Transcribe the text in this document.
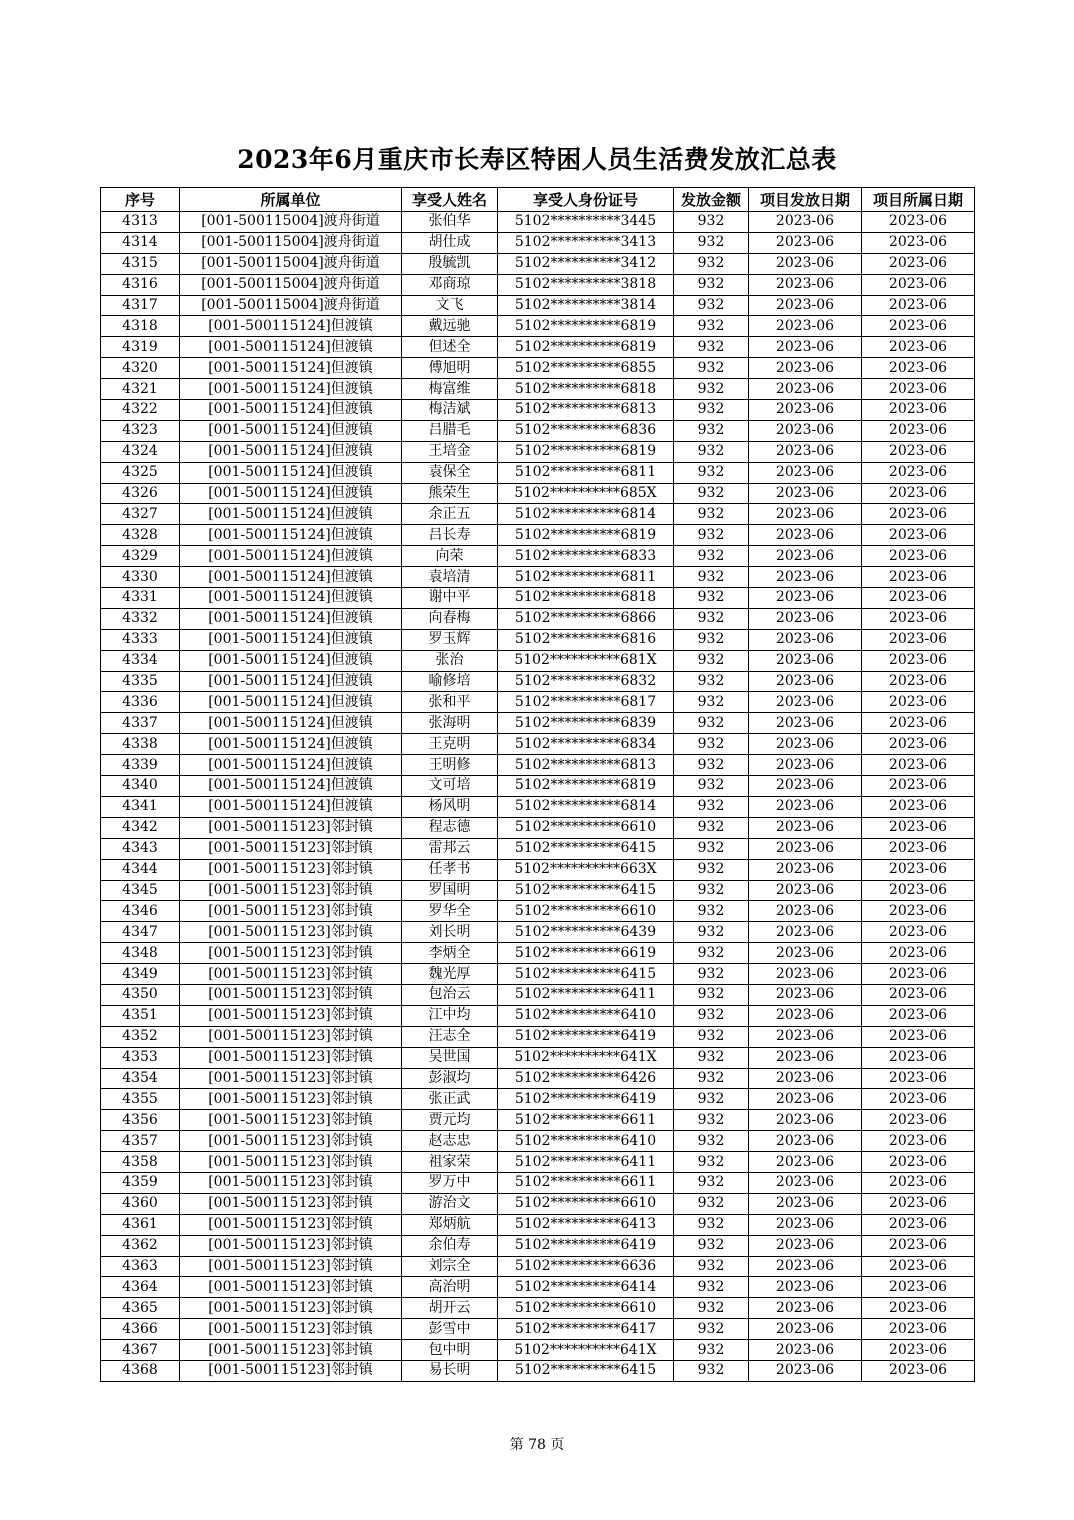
2023年6月重庆市长寿区特困人员生活费发放汇总表
序号	所属单位	享受人姓名	享受人身份证号	发放金额	项目发放日期	项目所属日期
4313	[001-500115004]渡舟街道	张伯华	5102**********3445	932	2023-06	2023-06
4314	[001-500115004]渡舟街道	胡仕成	5102**********3413	932	2023-06	2023-06
4315	[001-500115004]渡舟街道	殷毓凯	5102**********3412	932	2023-06	2023-06
4316	[001-500115004]渡舟街道	邓商琼	5102**********3818	932	2023-06	2023-06
4317	[001-500115004]渡舟街道	文飞	5102**********3814	932	2023-06	2023-06
4318	[001-500115124]但渡镇	戴远驰	5102**********6819	932	2023-06	2023-06
4319	[001-500115124]但渡镇	但述全	5102**********6819	932	2023-06	2023-06
4320	[001-500115124]但渡镇	傅旭明	5102**********6855	932	2023-06	2023-06
4321	[001-500115124]但渡镇	梅富维	5102**********6818	932	2023-06	2023-06
4322	[001-500115124]但渡镇	梅洁斌	5102**********6813	932	2023-06	2023-06
4323	[001-500115124]但渡镇	吕腊毛	5102**********6836	932	2023-06	2023-06
4324	[001-500115124]但渡镇	王培金	5102**********6819	932	2023-06	2023-06
4325	[001-500115124]但渡镇	袁保全	5102**********6811	932	2023-06	2023-06
4326	[001-500115124]但渡镇	熊荣生	5102**********685X	932	2023-06	2023-06
4327	[001-500115124]但渡镇	余正五	5102**********6814	932	2023-06	2023-06
4328	[001-500115124]但渡镇	吕长寿	5102**********6819	932	2023-06	2023-06
4329	[001-500115124]但渡镇	向荣	5102**********6833	932	2023-06	2023-06
4330	[001-500115124]但渡镇	袁培清	5102**********6811	932	2023-06	2023-06
4331	[001-500115124]但渡镇	谢中平	5102**********6818	932	2023-06	2023-06
4332	[001-500115124]但渡镇	向春梅	5102**********6866	932	2023-06	2023-06
4333	[001-500115124]但渡镇	罗玉辉	5102**********6816	932	2023-06	2023-06
4334	[001-500115124]但渡镇	张治	5102**********681X	932	2023-06	2023-06
4335	[001-500115124]但渡镇	喻修培	5102**********6832	932	2023-06	2023-06
4336	[001-500115124]但渡镇	张和平	5102**********6817	932	2023-06	2023-06
4337	[001-500115124]但渡镇	张海明	5102**********6839	932	2023-06	2023-06
4338	[001-500115124]但渡镇	王克明	5102**********6834	932	2023-06	2023-06
4339	[001-500115124]但渡镇	王明修	5102**********6813	932	2023-06	2023-06
4340	[001-500115124]但渡镇	文可培	5102**********6819	932	2023-06	2023-06
4341	[001-500115124]但渡镇	杨风明	5102**********6814	932	2023-06	2023-06
4342	[001-500115123]邻封镇	程志德	5102**********6610	932	2023-06	2023-06
4343	[001-500115123]邻封镇	雷邦云	5102**********6415	932	2023-06	2023-06
4344	[001-500115123]邻封镇	任孝书	5102**********663X	932	2023-06	2023-06
4345	[001-500115123]邻封镇	罗国明	5102**********6415	932	2023-06	2023-06
4346	[001-500115123]邻封镇	罗华全	5102**********6610	932	2023-06	2023-06
4347	[001-500115123]邻封镇	刘长明	5102**********6439	932	2023-06	2023-06
4348	[001-500115123]邻封镇	李炳全	5102**********6619	932	2023-06	2023-06
4349	[001-500115123]邻封镇	魏光厚	5102**********6415	932	2023-06	2023-06
4350	[001-500115123]邻封镇	包治云	5102**********6411	932	2023-06	2023-06
4351	[001-500115123]邻封镇	江中均	5102**********6410	932	2023-06	2023-06
4352	[001-500115123]邻封镇	汪志全	5102**********6419	932	2023-06	2023-06
4353	[001-500115123]邻封镇	吴世国	5102**********641X	932	2023-06	2023-06
4354	[001-500115123]邻封镇	彭淑均	5102**********6426	932	2023-06	2023-06
4355	[001-500115123]邻封镇	张正武	5102**********6419	932	2023-06	2023-06
4356	[001-500115123]邻封镇	贾元均	5102**********6611	932	2023-06	2023-06
4357	[001-500115123]邻封镇	赵志忠	5102**********6410	932	2023-06	2023-06
4358	[001-500115123]邻封镇	祖家荣	5102**********6411	932	2023-06	2023-06
4359	[001-500115123]邻封镇	罗万中	5102**********6611	932	2023-06	2023-06
4360	[001-500115123]邻封镇	游治文	5102**********6610	932	2023-06	2023-06
4361	[001-500115123]邻封镇	郑炳航	5102**********6413	932	2023-06	2023-06
4362	[001-500115123]邻封镇	余伯寿	5102**********6419	932	2023-06	2023-06
4363	[001-500115123]邻封镇	刘宗全	5102**********6636	932	2023-06	2023-06
4364	[001-500115123]邻封镇	高治明	5102**********6414	932	2023-06	2023-06
4365	[001-500115123]邻封镇	胡开云	5102**********6610	932	2023-06	2023-06
4366	[001-500115123]邻封镇	彭雪中	5102**********6417	932	2023-06	2023-06
4367	[001-500115123]邻封镇	包中明	5102**********641X	932	2023-06	2023-06
4368	[001-500115123]邻封镇	易长明	5102**********6415	932	2023-06	2023-06
第 78 页
